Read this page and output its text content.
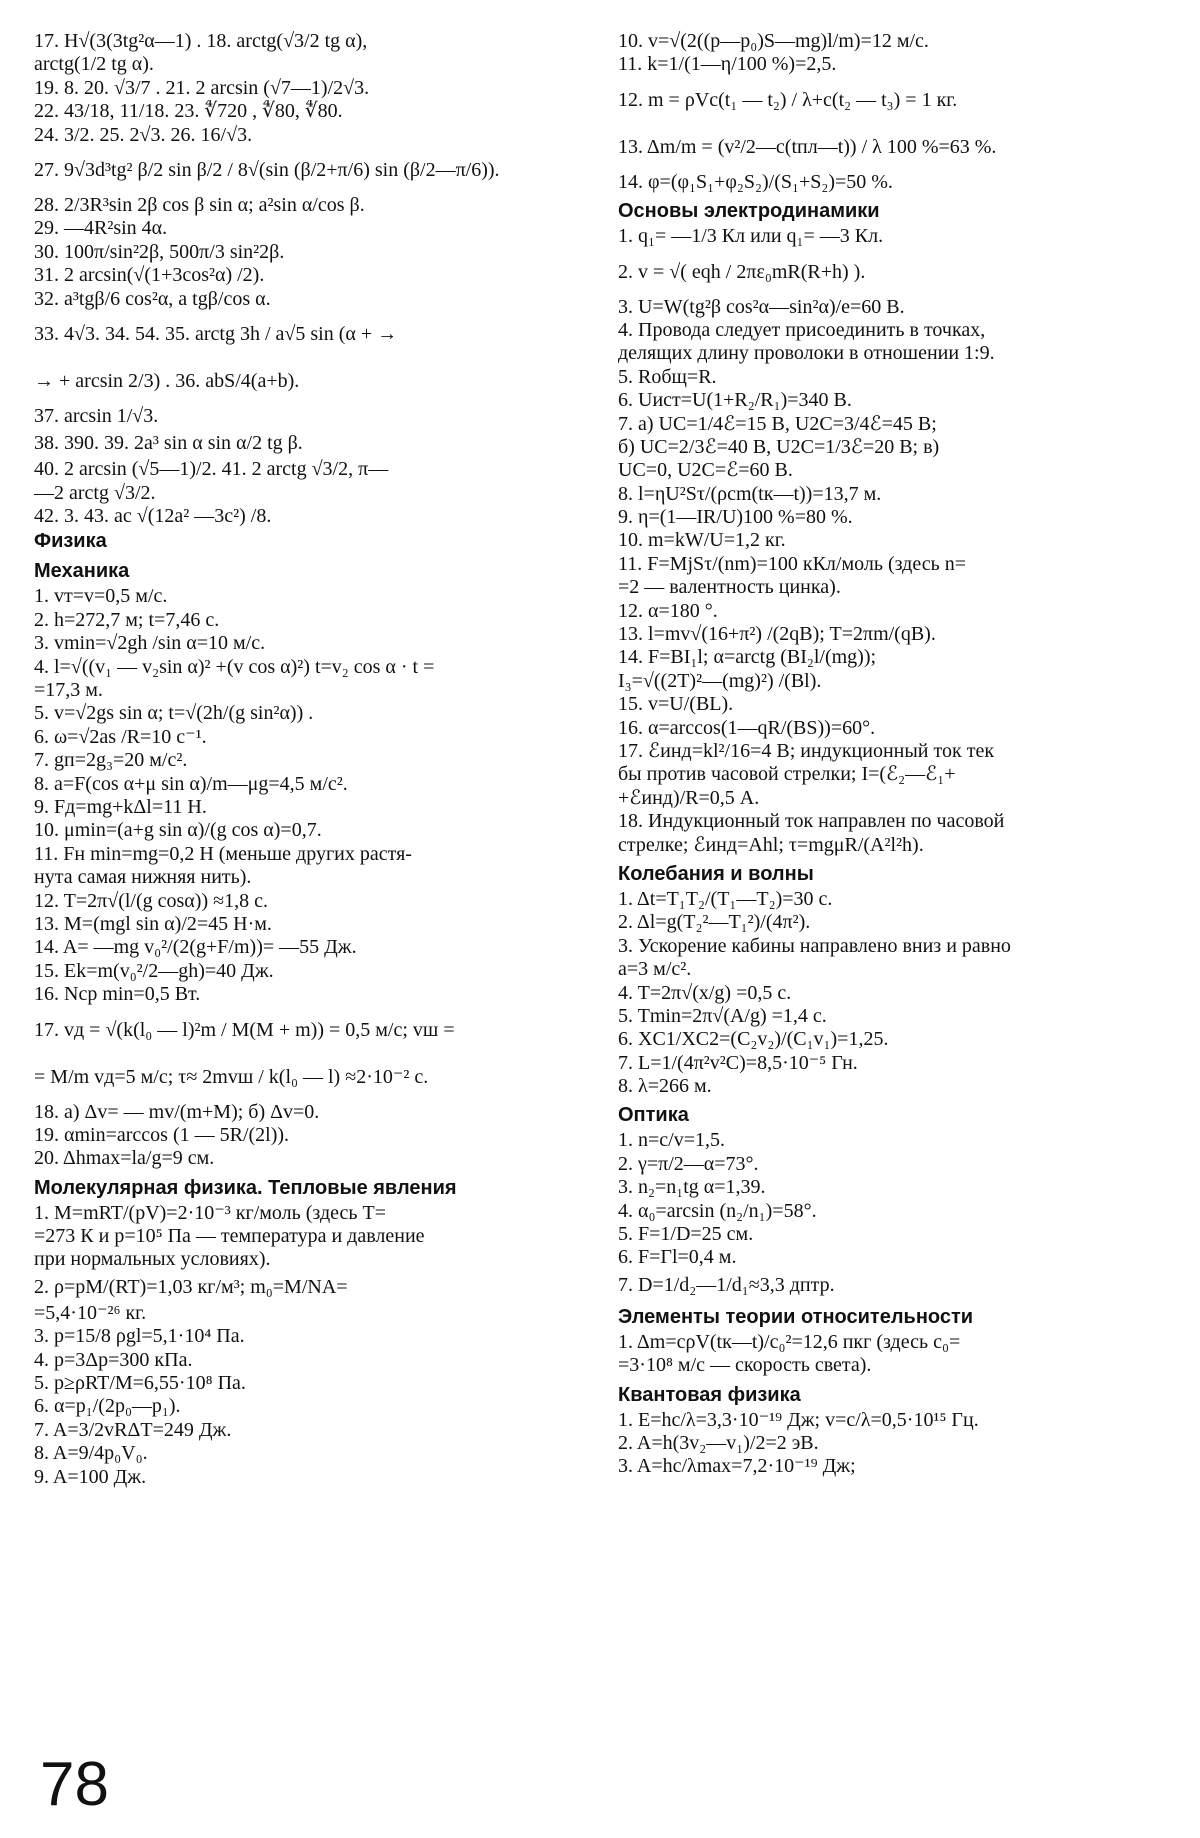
17. H√(3(3tg²α—1) . 18. arctg(√3/2 tg α),
arctg(1/2 tg α).
19. 8. 20. √3/7 . 21. 2 arcsin (√7—1)/2√3.
22. 43/18, 11/18. 23. ∜720 , ∜80, ∜80.
24. 3/2. 25. 2√3. 26. 16/√3.
27. 9√3d³tg² β/2 sin β/2 / 8√(sin (β/2+π/6) sin (β/2—π/6)).
28. 2/3R³sin 2β cos β sin α; a²sin α/cos β.
29. —4R²sin 4α.
30. 100π/sin²2β, 500π/3 sin²2β.
31. 2 arcsin(√(1+3cos²α) /2).
32. a³tgβ/6 cos²α, a tgβ/cos α.
33. 4√3. 34. 54. 35. arctg 3h / a√5 sin (α + →
→ + arcsin 2/3) . 36. abS/4(a+b).
37. arcsin 1/√3.
38. 390. 39. 2a³ sin α sin α/2 tg β.
40. 2 arcsin (√5—1)/2. 41. 2 arctg √3/2, π—
—2 arctg √3/2.
42. 3. 43. ac √(12a² —3c²) /8.
Физика
Механика
1. vт=v=0,5 м/с.
2. h=272,7 м; t=7,46 с.
3. vmin=√2gh /sin α=10 м/с.
4. l=√((v₁ — v₂sin α)² +(v cos α)²) t=v₂ cos α · t =
=17,3 м.
5. v=√2gs sin α; t=√(2h/(g sin²α)) .
6. ω=√2as /R=10 с⁻¹.
7. gп=2g₃=20 м/с².
8. a=F(cos α+μ sin α)/m—μg=4,5 м/с².
9. Fд=mg+kΔl=11 Н.
10. μmin=(a+g sin α)/(g cos α)=0,7.
11. Fн min=mg=0,2 Н (меньше других растя-
нута самая нижняя нить).
12. T=2π√(l/(g cosα)) ≈1,8 с.
13. M=(mgl sin α)/2=45 Н·м.
14. A= —mg v₀²/(2(g+F/m))= —55 Дж.
15. Ek=m(v₀²/2—gh)=40 Дж.
16. Nср min=0,5 Вт.
17. vд = √(k(l₀ — l)²m / M(M + m)) = 0,5 м/с; vш =
= M/m vд=5 м/с; τ≈ 2mvш / k(l₀ — l) ≈2·10⁻² с.
18. а) Δv= — mv/(m+M); б) Δv=0.
19. αmin=arccos (1 — 5R/(2l)).
20. Δhmax=la/g=9 см.
Молекулярная физика. Тепловые явления
1. M=mRT/(pV)=2·10⁻³ кг/моль (здесь T=
=273 К и p=10⁵ Па — температура и давление
при нормальных условиях).
2. ρ=pM/(RT)=1,03 кг/м³; m₀=M/NA=
=5,4·10⁻²⁶ кг.
3. p=15/8 ρgl=5,1·10⁴ Па.
4. p=3Δp=300 кПа.
5. p≥ρRT/M=6,55·10⁸ Па.
6. α=p₁/(2p₀—p₁).
7. A=3/2vRΔT=249 Дж.
8. A=9/4p₀V₀.
9. A=100 Дж.
10. v=√(2((p—p₀)S—mg)l/m)=12 м/с.
11. k=1/(1—η/100 %)=2,5.
12. m = ρVc(t₁ — t₂) / λ+c(t₂ — t₃) = 1 кг.
13. Δm/m = (v²/2—c(tпл—t)) / λ 100 %=63 %.
14. φ=(φ₁S₁+φ₂S₂)/(S₁+S₂)=50 %.
Основы электродинамики
1. q₁= —1/3 Кл или q₁= —3 Кл.
2. v = √( eqh / 2πε₀mR(R+h) ).
3. U=W(tg²β cos²α—sin²α)/e=60 В.
4. Провода следует присоединить в точках,
делящих длину проволоки в отношении 1:9.
5. Rобщ=R.
6. Uист=U(1+R₂/R₁)=340 В.
7. а) UC=1/4ℰ=15 В, U2C=3/4ℰ=45 В;
б) UC=2/3ℰ=40 В, U2C=1/3ℰ=20 В; в)
UC=0, U2C=ℰ=60 В.
8. l=ηU²Sτ/(ρcm(tк—t))=13,7 м.
9. η=(1—IR/U)100 %=80 %.
10. m=kW/U=1,2 кг.
11. F=MjSτ/(nm)=100 кКл/моль (здесь n=
=2 — валентность цинка).
12. α=180 °.
13. l=mv√(16+π²) /(2qB); T=2πm/(qB).
14. F=BI₁l; α=arctg (BI₂l/(mg));
I₃=√((2T)²—(mg)²) /(Bl).
15. v=U/(BL).
16. α=arccos(1—qR/(BS))=60°.
17. ℰинд=kl²/16=4 В; индукционный ток тек
бы против часовой стрелки; I=(ℰ₂—ℰ₁+
+ℰинд)/R=0,5 А.
18. Индукционный ток направлен по часовой
стрелке; ℰинд=Ahl; τ=mgμR/(A²l²h).
Колебания и волны
1. Δt=T₁T₂/(T₁—T₂)=30 с.
2. Δl=g(T₂²—T₁²)/(4π²).
3. Ускорение кабины направлено вниз и равно
a=3 м/с².
4. T=2π√(x/g) =0,5 с.
5. Tmin=2π√(A/g) =1,4 с.
6. XC1/XC2=(C₂v₂)/(C₁v₁)=1,25.
7. L=1/(4π²v²C)=8,5·10⁻⁵ Гн.
8. λ=266 м.
Оптика
1. n=c/v=1,5.
2. γ=π/2—α=73°.
3. n₂=n₁tg α=1,39.
4. α₀=arcsin (n₂/n₁)=58°.
5. F=1/D=25 см.
6. F=Γl=0,4 м.
7. D=1/d₂—1/d₁≈3,3 дптр.
Элементы теории относительности
1. Δm=cρV(tк—t)/c₀²=12,6 пкг (здесь c₀=
=3·10⁸ м/с — скорость света).
Квантовая физика
1. E=hc/λ=3,3·10⁻¹⁹ Дж; v=c/λ=0,5·10¹⁵ Гц.
2. A=h(3v₂—v₁)/2=2 эВ.
3. A=hc/λmax=7,2·10⁻¹⁹ Дж;
78
